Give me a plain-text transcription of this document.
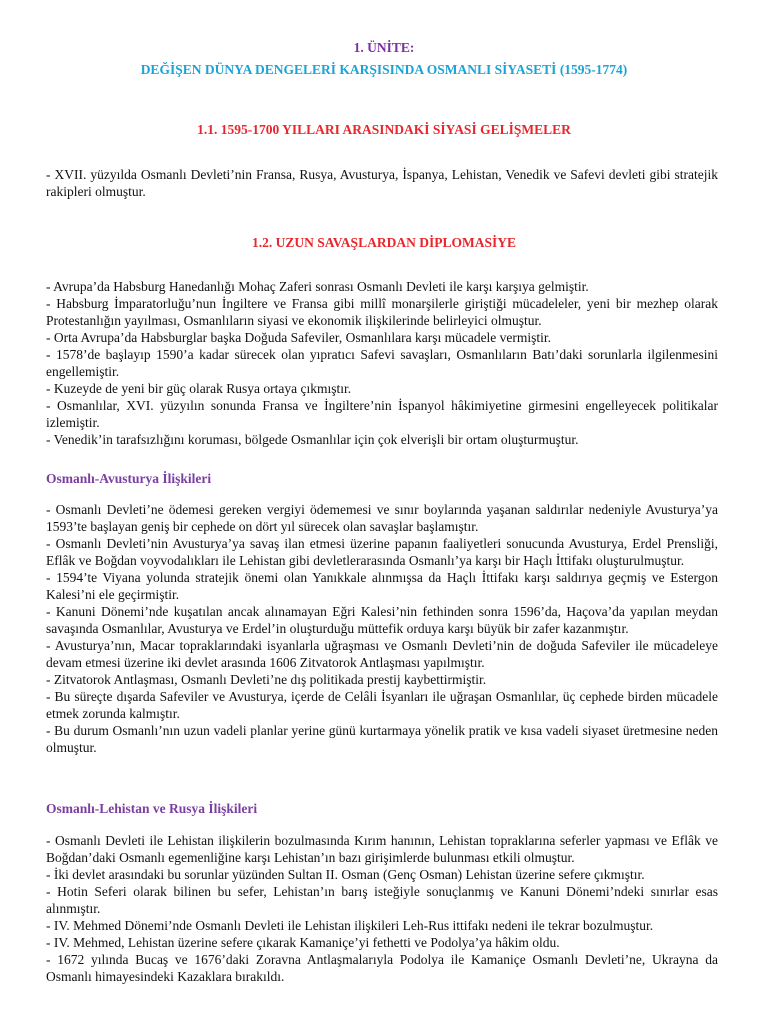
1. ÜNİTE:
DEĞİŞEN DÜNYA DENGELERİ KARŞISINDA OSMANLI SİYASETİ (1595-1774)
1.1. 1595-1700 YILLARI ARASINDAKİ SİYASİ GELİŞMELER

- XVII. yüzyılda Osmanlı Devleti’nin Fransa, Rusya, Avusturya, İspanya, Lehistan, Venedik ve Safevi devleti gibi stratejik rakipleri olmuştur.

1.2. UZUN SAVAŞLARDAN DİPLOMASİYE

- Avrupa’da Habsburg Hanedanlığı Mohaç Zaferi sonrası Osmanlı Devleti ile karşı karşıya gelmiştir.

- Habsburg İmparatorluğu’nun İngiltere ve Fransa gibi millî monarşilerle giriştiği mücadeleler, yeni bir mezhep olarak Protestanlığın yayılması, Osmanlıların siyasi ve ekonomik ilişkilerinde belirleyici olmuştur.

- Orta Avrupa’da Habsburglar başka Doğuda Safeviler, Osmanlılara karşı mücadele vermiştir.

- 1578’de başlayıp 1590’a kadar sürecek olan yıpratıcı Safevi savaşları, Osmanlıların Batı’daki sorunlarla ilgilenmesini engellemiştir.

- Kuzeyde de yeni bir güç olarak Rusya ortaya çıkmıştır.

- Osmanlılar, XVI. yüzyılın sonunda Fransa ve İngiltere’nin İspanyol hâkimiyetine girmesini engelleyecek politikalar izlemiştir.

- Venedik’in tarafsızlığını koruması, bölgede Osmanlılar için çok elverişli bir ortam oluşturmuştur.

Osmanlı-Avusturya İlişkileri

- Osmanlı Devleti’ne ödemesi gereken vergiyi ödememesi ve sınır boylarında yaşanan saldırılar nedeniyle Avusturya’ya 1593’te başlayan geniş bir cephede on dört yıl sürecek olan savaşlar başlamıştır.

- Osmanlı Devleti’nin Avusturya’ya savaş ilan etmesi üzerine papanın faaliyetleri sonucunda Avusturya, Erdel Prensliği, Eflâk ve Boğdan voyvodalıkları ile Lehistan gibi devletlerarasında Osmanlı’ya karşı bir Haçlı İttifakı oluşturulmuştur.

- 1594’te Viyana yolunda stratejik önemi olan Yanıkkale alınmışsa da Haçlı İttifakı karşı saldırıya geçmiş ve Estergon Kalesi’ni ele geçirmiştir.

- Kanuni Dönemi’nde kuşatılan ancak alınamayan Eğri Kalesi’nin fethinden sonra 1596’da, Haçova’da yapılan meydan savaşında Osmanlılar, Avusturya ve Erdel’in oluşturduğu müttefik orduya karşı büyük bir zafer kazanmıştır.

- Avusturya’nın, Macar topraklarındaki isyanlarla uğraşması ve Osmanlı Devleti’nin de doğuda Safeviler ile mücadeleye devam etmesi üzerine iki devlet arasında 1606 Zitvatorok Antlaşması yapılmıştır.

- Zitvatorok Antlaşması, Osmanlı Devleti’ne dış politikada prestij kaybettirmiştir.

- Bu süreçte dışarda Safeviler ve Avusturya, içerde de Celâli İsyanları ile uğraşan Osmanlılar, üç cephede birden mücadele etmek zorunda kalmıştır.

- Bu durum Osmanlı’nın uzun vadeli planlar yerine günü kurtarmaya yönelik pratik ve kısa vadeli siyaset üretmesine neden olmuştur.

Osmanlı-Lehistan ve Rusya İlişkileri

- Osmanlı Devleti ile Lehistan ilişkilerin bozulmasında Kırım hanının, Lehistan topraklarına seferler yapması ve Eflâk ve Boğdan’daki Osmanlı egemenliğine karşı Lehistan’ın bazı girişimlerde bulunması etkili olmuştur.

- İki devlet arasındaki bu sorunlar yüzünden Sultan II. Osman (Genç Osman) Lehistan üzerine sefere çıkmıştır.

- Hotin Seferi olarak bilinen bu sefer, Lehistan’ın barış isteğiyle sonuçlanmış ve Kanuni Dönemi’ndeki sınırlar esas alınmıştır.

- IV. Mehmed Dönemi’nde Osmanlı Devleti ile Lehistan ilişkileri Leh-Rus ittifakı nedeni ile tekrar bozulmuştur.

- IV. Mehmed, Lehistan üzerine sefere çıkarak Kamaniçe’yi fethetti ve Podolya’ya hâkim oldu.

- 1672 yılında Bucaş ve 1676’daki Zoravna Antlaşmalarıyla Podolya ile Kamaniçe Osmanlı Devleti’ne, Ukrayna da Osmanlı himayesindeki Kazaklara bırakıldı.
